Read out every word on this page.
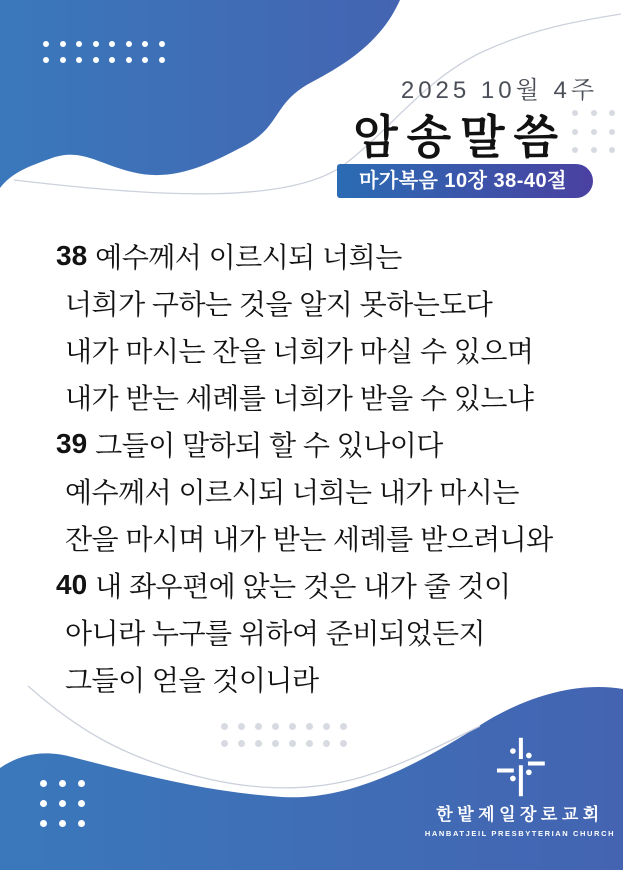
2025 10월 4주
암송말씀
마가복음 10장 38-40절
38 예수께서 이르시되 너희는
너희가 구하는 것을 알지 못하는도다
내가 마시는 잔을 너희가 마실 수 있으며
내가 받는 세례를 너희가 받을 수 있느냐
39 그들이 말하되 할 수 있나이다
예수께서 이르시되 너희는 내가 마시는
잔을 마시며 내가 받는 세례를 받으려니와
40 내 좌우편에 앉는 것은 내가 줄 것이
아니라 누구를 위하여 준비되었든지
그들이 얻을 것이니라
한밭제일장로교회
HANBATJEIL PRESBYTERIAN CHURCH
